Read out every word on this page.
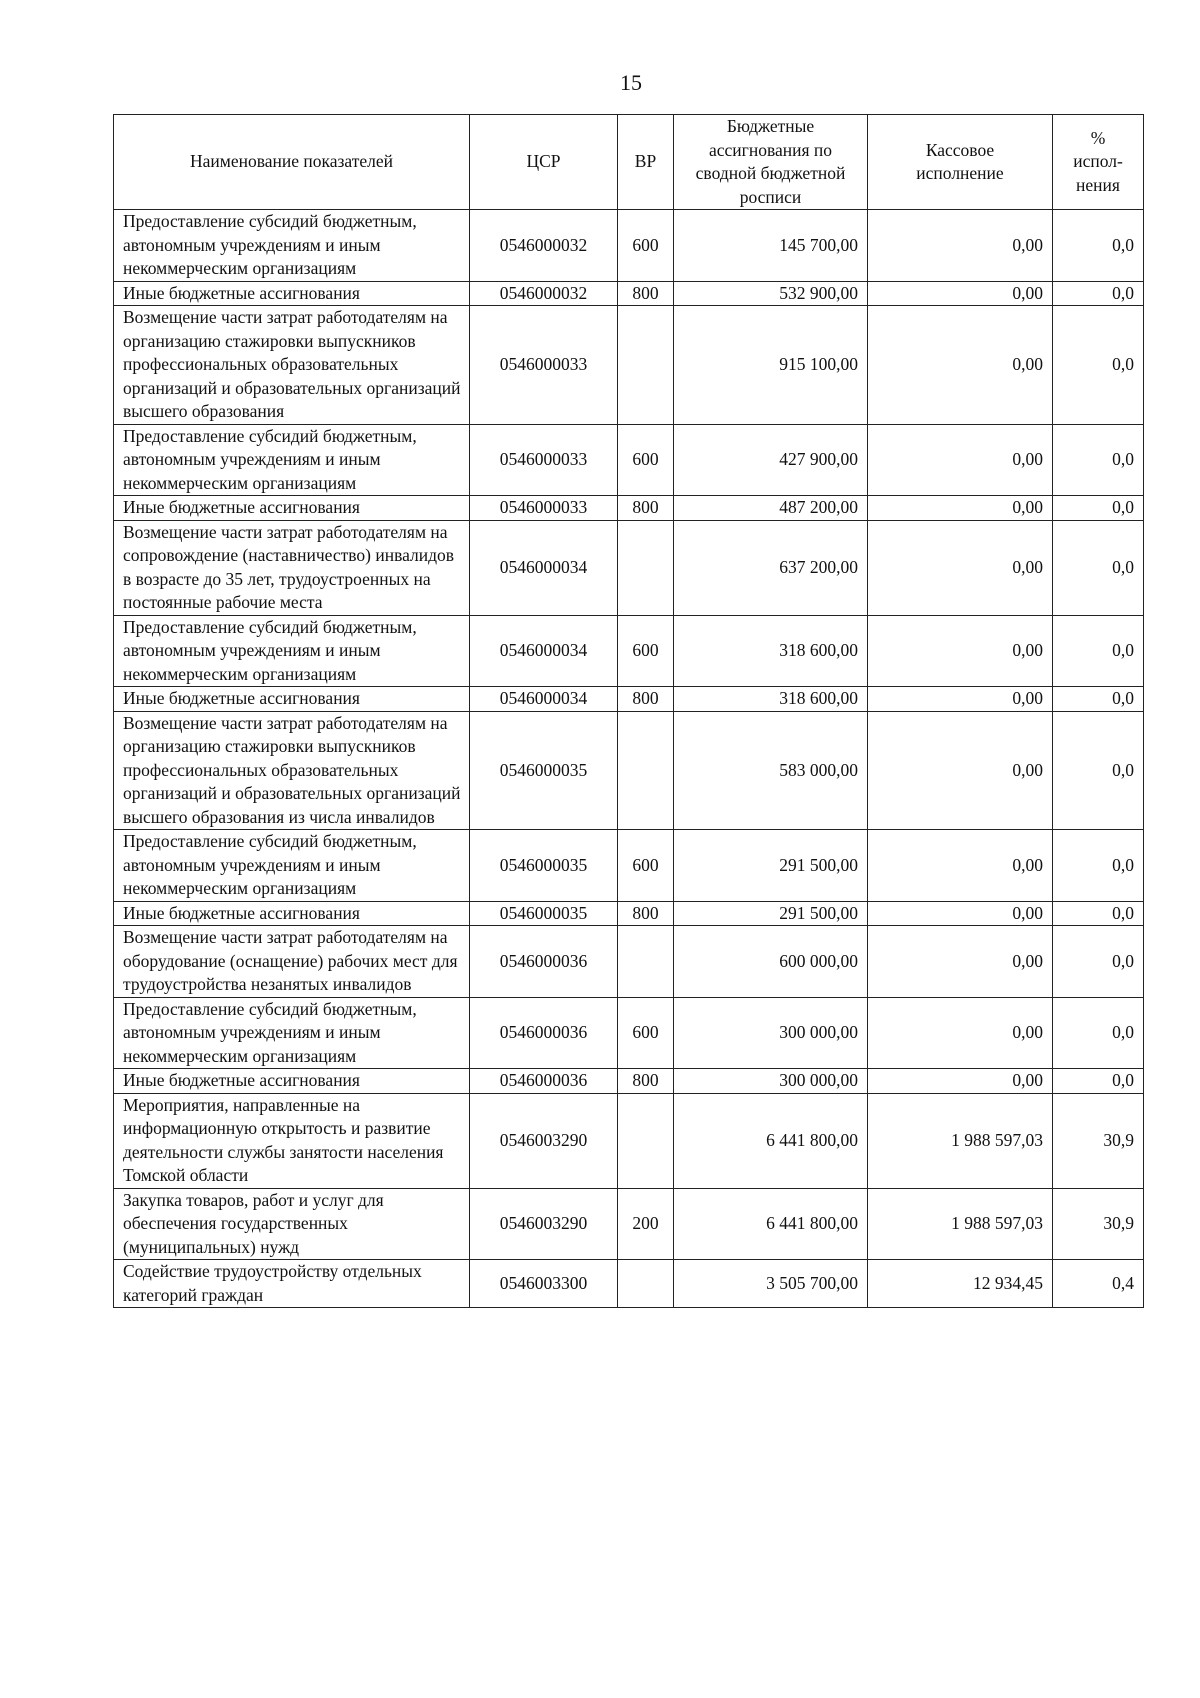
15
Наименование показателей	ЦСР	ВР	Бюджетные ассигнования по сводной бюджетной росписи	Кассовое исполнение	%
испол-
нения

Предоставление субсидий бюджетным, автономным учреждениям и иным некоммерческим организациям	0546000032	600	145 700,00	0,00	0,0
Иные бюджетные ассигнования	0546000032	800	532 900,00	0,00	0,0
Возмещение части затрат работодателям на организацию стажировки выпускников профессиональных образовательных организаций и образовательных организаций высшего образования	0546000033		915 100,00	0,00	0,0
Предоставление субсидий бюджетным, автономным учреждениям и иным некоммерческим организациям	0546000033	600	427 900,00	0,00	0,0
Иные бюджетные ассигнования	0546000033	800	487 200,00	0,00	0,0
Возмещение части затрат работодателям на сопровождение (наставничество) инвалидов в возрасте до 35 лет, трудоустроенных на постоянные рабочие места	0546000034		637 200,00	0,00	0,0
Предоставление субсидий бюджетным, автономным учреждениям и иным некоммерческим организациям	0546000034	600	318 600,00	0,00	0,0
Иные бюджетные ассигнования	0546000034	800	318 600,00	0,00	0,0
Возмещение части затрат работодателям на организацию стажировки выпускников профессиональных образовательных организаций и образовательных организаций высшего образования из числа инвалидов	0546000035		583 000,00	0,00	0,0
Предоставление субсидий бюджетным, автономным учреждениям и иным некоммерческим организациям	0546000035	600	291 500,00	0,00	0,0
Иные бюджетные ассигнования	0546000035	800	291 500,00	0,00	0,0
Возмещение части затрат работодателям на оборудование (оснащение) рабочих мест для трудоустройства незанятых инвалидов	0546000036		600 000,00	0,00	0,0
Предоставление субсидий бюджетным, автономным учреждениям и иным некоммерческим организациям	0546000036	600	300 000,00	0,00	0,0
Иные бюджетные ассигнования	0546000036	800	300 000,00	0,00	0,0
Мероприятия, направленные на информационную открытость и развитие деятельности службы занятости населения Томской области	0546003290		6 441 800,00	1 988 597,03	30,9
Закупка товаров, работ и услуг для обеспечения государственных (муниципальных) нужд	0546003290	200	6 441 800,00	1 988 597,03	30,9
Содействие трудоустройству отдельных категорий граждан	0546003300		3 505 700,00	12 934,45	0,4
